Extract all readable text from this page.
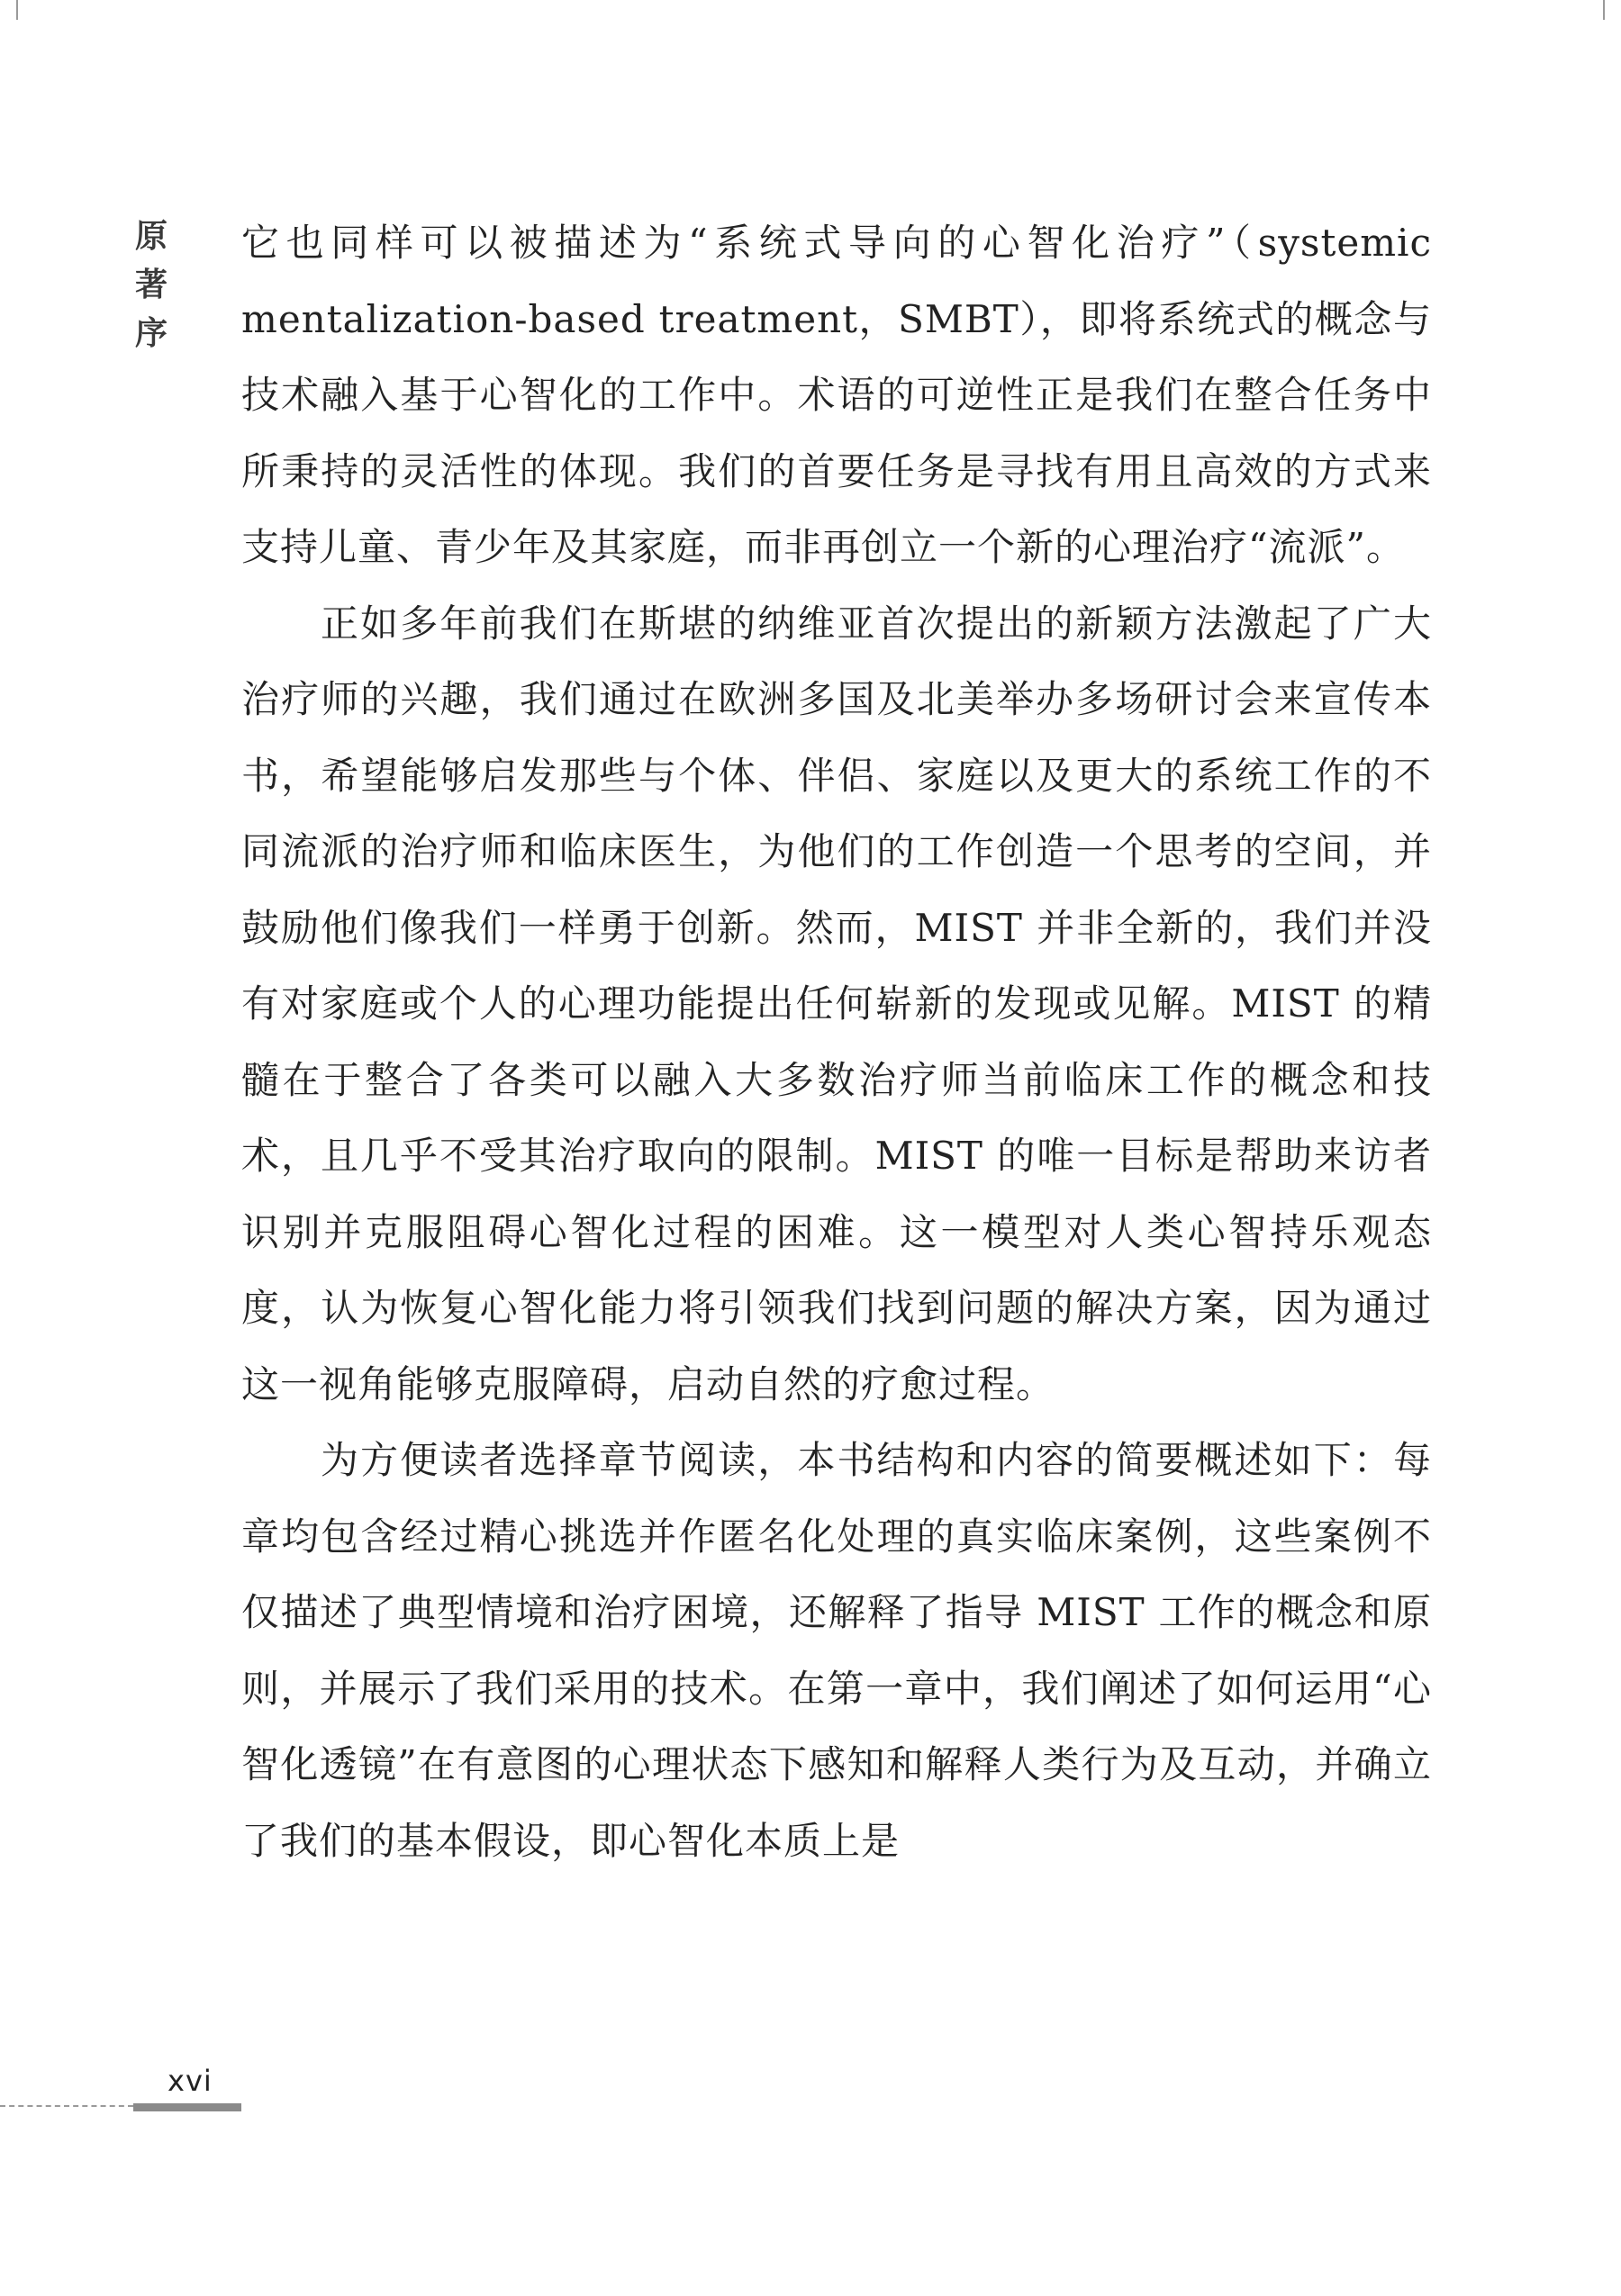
原
著
序

它也同样可以被描述为“系统式导向的心智化治疗”（systemic mentalization-based treatment，SMBT），即将系统式的概念与技术融入基于心智化的工作中。术语的可逆性正是我们在整合任务中所秉持的灵活性的体现。我们的首要任务是寻找有用且高效的方式来支持儿童、青少年及其家庭，而非再创立一个新的心理治疗“流派”。

正如多年前我们在斯堪的纳维亚首次提出的新颖方法激起了广大治疗师的兴趣，我们通过在欧洲多国及北美举办多场研讨会来宣传本书，希望能够启发那些与个体、伴侣、家庭以及更大的系统工作的不同流派的治疗师和临床医生，为他们的工作创造一个思考的空间，并鼓励他们像我们一样勇于创新。然而，MIST 并非全新的，我们并没有对家庭或个人的心理功能提出任何崭新的发现或见解。MIST 的精髓在于整合了各类可以融入大多数治疗师当前临床工作的概念和技术，且几乎不受其治疗取向的限制。MIST 的唯一目标是帮助来访者识别并克服阻碍心智化过程的困难。这一模型对人类心智持乐观态度，认为恢复心智化能力将引领我们找到问题的解决方案，因为通过这一视角能够克服障碍，启动自然的疗愈过程。

为方便读者选择章节阅读，本书结构和内容的简要概述如下：每章均包含经过精心挑选并作匿名化处理的真实临床案例，这些案例不仅描述了典型情境和治疗困境，还解释了指导 MIST 工作的概念和原则，并展示了我们采用的技术。在第一章中，我们阐述了如何运用“心智化透镜”在有意图的心理状态下感知和解释人类行为及互动，并确立了我们的基本假设，即心智化本质上是

xvi
